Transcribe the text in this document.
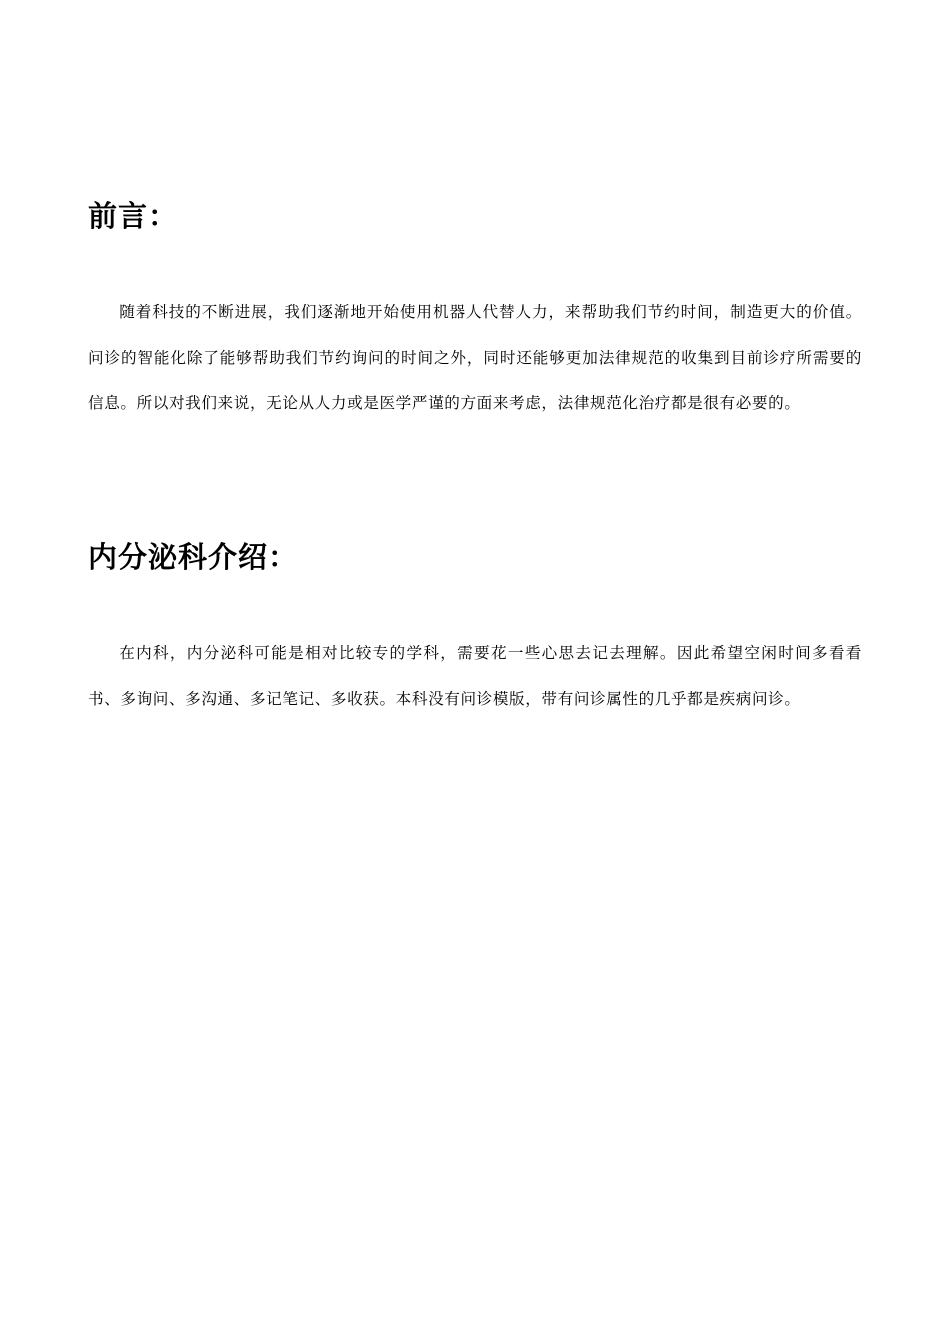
前言：

随着科技的不断进展，我们逐渐地开始使用机器人代替人力，来帮助我们节约时间，制造更大的价值。问诊的智能化除了能够帮助我们节约询问的时间之外，同时还能够更加法律规范的收集到目前诊疗所需要的信息。所以对我们来说，无论从人力或是医学严谨的方面来考虑，法律规范化治疗都是很有必要的。

内分泌科介绍：

在内科，内分泌科可能是相对比较专的学科，需要花一些心思去记去理解。因此希望空闲时间多看看书、多询问、多沟通、多记笔记、多收获。本科没有问诊模版，带有问诊属性的几乎都是疾病问诊。
